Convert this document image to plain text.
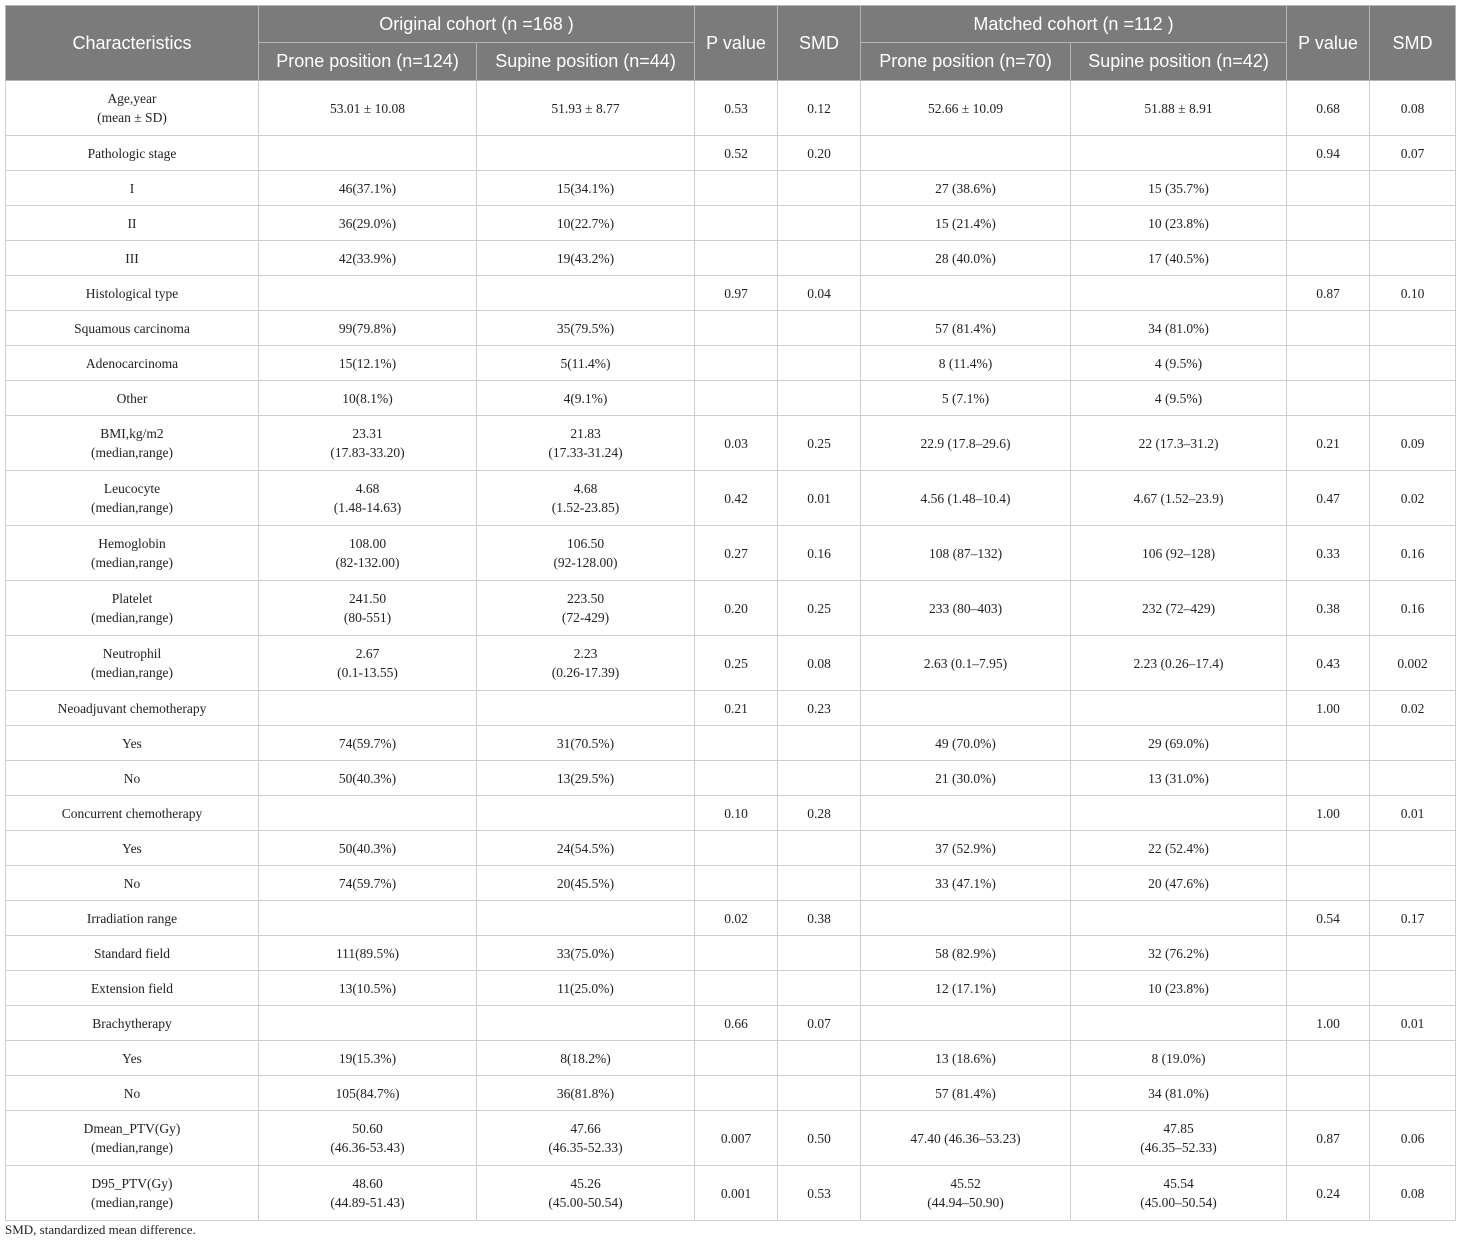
Characteristics	Original cohort (n =168 )		P value	SMD	Matched cohort (n =112 )		P value	SMD
	Prone position (n=124)	Supine position (n=44)			Prone position (n=70)	Supine position (n=42)		

Age,year
(mean ± SD)	53.01 ± 10.08	51.93 ± 8.77	0.53	0.12	52.66 ± 10.09	51.88 ± 8.91	0.68	0.08

Pathologic stage			0.52	0.20			0.94	0.07

I	46(37.1%)	15(34.1%)			27 (38.6%)	15 (35.7%)		

II	36(29.0%)	10(22.7%)			15 (21.4%)	10 (23.8%)		

III	42(33.9%)	19(43.2%)			28 (40.0%)	17 (40.5%)		

Histological type			0.97	0.04			0.87	0.10

Squamous carcinoma	99(79.8%)	35(79.5%)			57 (81.4%)	34 (81.0%)		

Adenocarcinoma	15(12.1%)	5(11.4%)			8 (11.4%)	4 (9.5%)		

Other	10(8.1%)	4(9.1%)			5 (7.1%)	4 (9.5%)		

BMI,kg/m2
(median,range)	23.31
(17.83-33.20)	21.83
(17.33-31.24)	0.03	0.25	22.9 (17.8–29.6)	22 (17.3–31.2)	0.21	0.09

Leucocyte
(median,range)	4.68
(1.48-14.63)	4.68
(1.52-23.85)	0.42	0.01	4.56 (1.48–10.4)	4.67 (1.52–23.9)	0.47	0.02

Hemoglobin
(median,range)	108.00
(82-132.00)	106.50
(92-128.00)	0.27	0.16	108 (87–132)	106 (92–128)	0.33	0.16

Platelet
(median,range)	241.50
(80-551)	223.50
(72-429)	0.20	0.25	233 (80–403)	232 (72–429)	0.38	0.16

Neutrophil
(median,range)	2.67
(0.1-13.55)	2.23
(0.26-17.39)	0.25	0.08	2.63 (0.1–7.95)	2.23 (0.26–17.4)	0.43	0.002

Neoadjuvant chemotherapy			0.21	0.23			1.00	0.02

Yes	74(59.7%)	31(70.5%)			49 (70.0%)	29 (69.0%)		

No	50(40.3%)	13(29.5%)			21 (30.0%)	13 (31.0%)		

Concurrent chemotherapy			0.10	0.28			1.00	0.01

Yes	50(40.3%)	24(54.5%)			37 (52.9%)	22 (52.4%)		

No	74(59.7%)	20(45.5%)			33 (47.1%)	20 (47.6%)		

Irradiation range			0.02	0.38			0.54	0.17

Standard field	111(89.5%)	33(75.0%)			58 (82.9%)	32 (76.2%)		

Extension field	13(10.5%)	11(25.0%)			12 (17.1%)	10 (23.8%)		

Brachytherapy			0.66	0.07			1.00	0.01

Yes	19(15.3%)	8(18.2%)			13 (18.6%)	8 (19.0%)		

No	105(84.7%)	36(81.8%)			57 (81.4%)	34 (81.0%)		

Dmean_PTV(Gy)
(median,range)	50.60
(46.36-53.43)	47.66
(46.35-52.33)	0.007	0.50	47.40 (46.36–53.23)	47.85
(46.35–52.33)	0.87	0.06

D95_PTV(Gy)
(median,range)	48.60
(44.89-51.43)	45.26
(45.00-50.54)	0.001	0.53	45.52
(44.94–50.90)	45.54
(45.00–50.54)	0.24	0.08
SMD, standardized mean difference.
